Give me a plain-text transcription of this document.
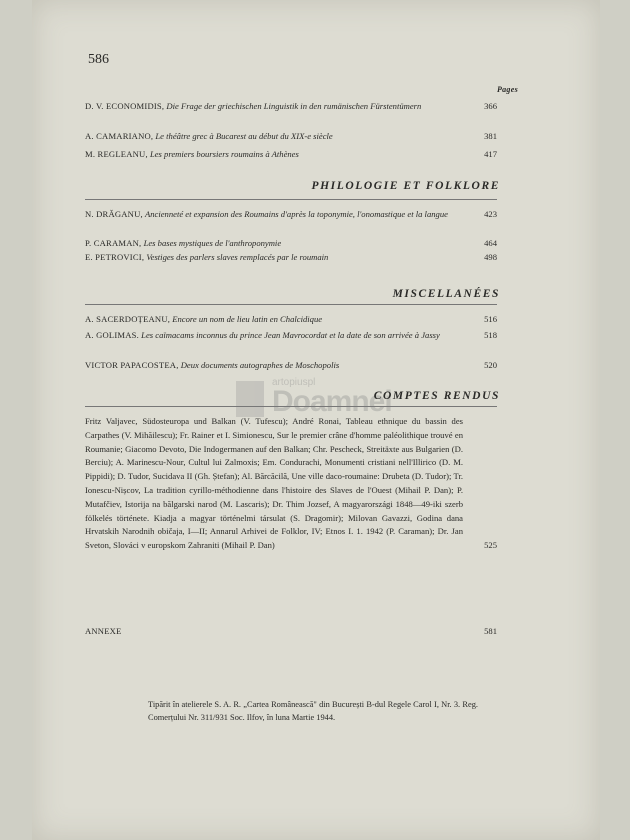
586
Pages
D. V. ECONOMIDIS, Die Frage der griechischen Linguistik in den rumänischen Fürstentümern	366
A. CAMARIANO, Le théâtre grec à Bucarest au début du XIX-e siècle	381
M. REGLEANU, Les premiers boursiers roumains à Athènes	417
PHILOLOGIE ET FOLKLORE
N. DRĂGANU, Ancienneté et expansion des Roumains d'après la toponymie, l'onomastique et la langue	423
P. CARAMAN, Les bases mystiques de l'anthroponymie	464
E. PETROVICI, Vestiges des parlers slaves remplacés par le roumain	498
MISCELLANÉES
A. SACERDOȚEANU, Encore un nom de lieu latin en Chalcidique	516
A. GOLIMAS. Les caïmacams inconnus du prince Jean Mavrocordat et la date de son arrivée à Jassy	518
VICTOR PAPACOSTEA, Deux documents autographes de Moschopolis	520
artopiuspl
Doamnei
COMPTES RENDUS
Fritz Valjavec, Südosteuropa und Balkan (V. Tufescu); André Ronai, Tableau ethnique du bassin des Carpathes (V. Mihăilescu); Fr. Rainer et I. Simionescu, Sur le premier crâne d'homme paléolithique trouvé en Roumanie; Giacomo Devoto, Die Indogermanen auf den Balkan; Chr. Pescheck, Streitäxte aus Bulgarien (D. Berciu); A. Marinescu-Nour, Cultul lui Zalmoxis; Em. Condurachi, Monumenti cristiani nell'Illirico (D. M. Pippidi); D. Tudor, Sucidava II (Gh. Ștefan); Al. Bărcăcilă, Une ville daco-roumaine: Drubeta (D. Tudor); Tr. Ionescu-Nișcov, La tradition cyrillo-méthodienne dans l'histoire des Slaves de l'Ouest (Mihail P. Dan); P. Mutafčiev, Istorija na bălgarski narod (M. Lascaris); Dr. Thim Jozsef, A magyarországi 1848—49-iki szerb fölkelés története. Kiadja a magyar történelmi társulat (S. Dragomir); Milovan Gavazzi, Godina dana Hrvatskih Narodnih običaja, I—II; Annarul Arhivei de Folklor, IV; Etnos I. 1. 1942 (P. Caraman); Dr. Jan Sveton, Slováci v europskom Zahraniti (Mihail P. Dan)	525
ANNEXE	581
Tipărit în atelierele S. A. R. „Cartea Românească" din București B-dul Regele Carol I, Nr. 3. Reg. Comerțului Nr. 311/931 Soc. Ilfov, în luna Martie 1944.
